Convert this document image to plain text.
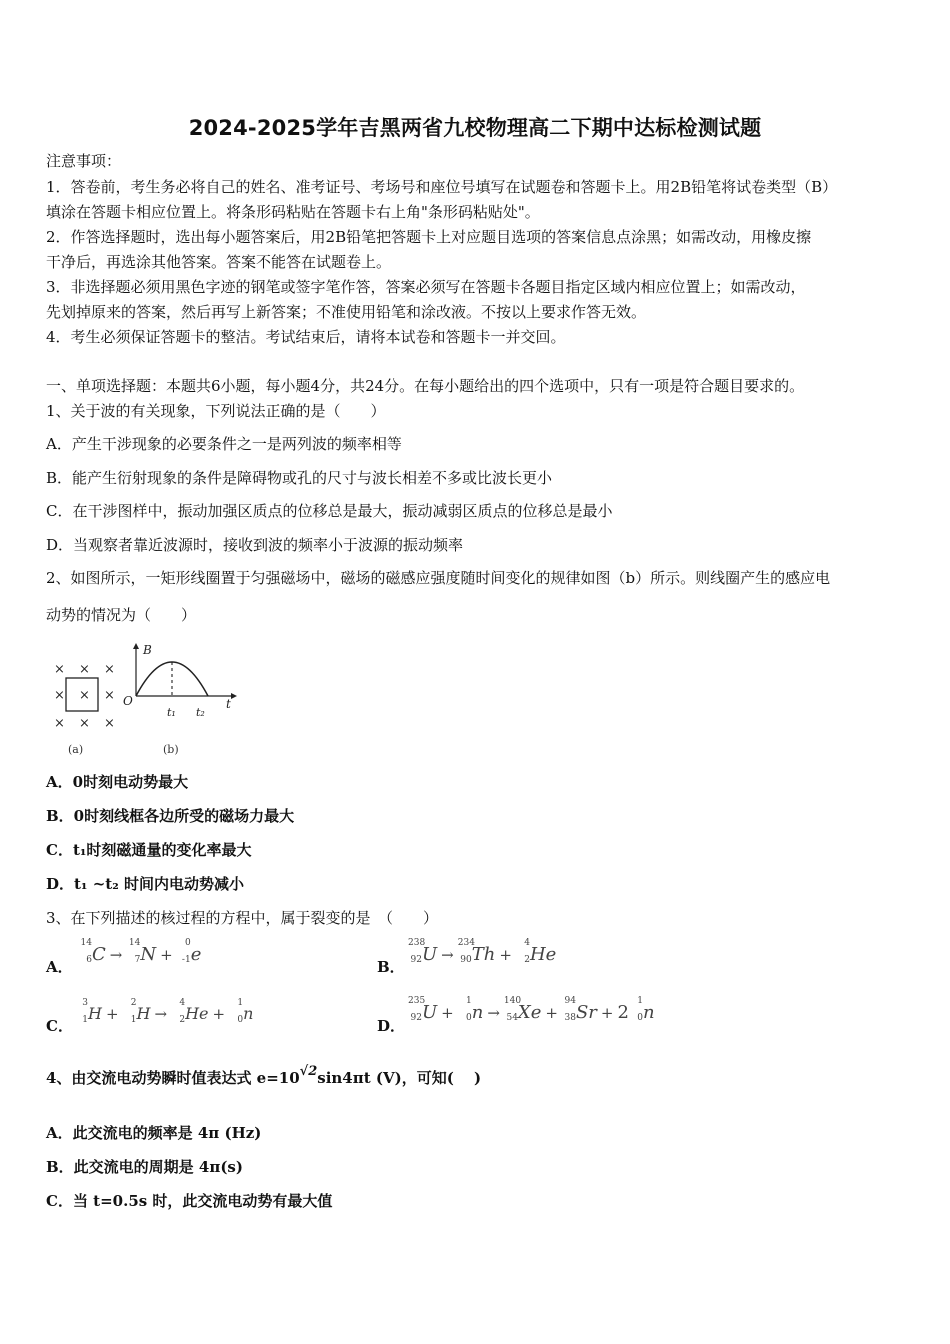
2024-2025学年吉黑两省九校物理高二下期中达标检测试题
注意事项：
1．答卷前，考生务必将自己的姓名、准考证号、考场号和座位号填写在试题卷和答题卡上。用2B铅笔将试卷类型（B）
填涂在答题卡相应位置上。将条形码粘贴在答题卡右上角"条形码粘贴处"。
2．作答选择题时，选出每小题答案后，用2B铅笔把答题卡上对应题目选项的答案信息点涂黑；如需改动，用橡皮擦
干净后，再选涂其他答案。答案不能答在试题卷上。
3．非选择题必须用黑色字迹的钢笔或签字笔作答，答案必须写在答题卡各题目指定区域内相应位置上；如需改动，
先划掉原来的答案，然后再写上新答案；不准使用铅笔和涂改液。不按以上要求作答无效。
4．考生必须保证答题卡的整洁。考试结束后，请将本试卷和答题卡一并交回。
一、单项选择题：本题共6小题，每小题4分，共24分。在每小题给出的四个选项中，只有一项是符合题目要求的。
1、关于波的有关现象，下列说法正确的是（　　）
A．产生干涉现象的必要条件之一是两列波的频率相等
B．能产生衍射现象的条件是障碍物或孔的尺寸与波长相差不多或比波长更小
C．在干涉图样中，振动加强区质点的位移总是最大，振动减弱区质点的位移总是最小
D．当观察者靠近波源时，接收到波的频率小于波源的振动频率
2、如图所示，一矩形线圈置于匀强磁场中，磁场的磁感应强度随时间变化的规律如图（b）所示。则线圈产生的感应电
动势的情况为（　　）
× × ×
× × ×
× × ×
(a)
B
t
O
t₁ t₂
(b)
A．0时刻电动势最大
B．0时刻线框各边所受的磁场力最大
C．t₁时刻磁通量的变化率最大
D．t₁ ~t₂ 时间内电动势减小
3、在下列描述的核过程的方程中，属于裂变的是　（　　）
A．
14
6 C →
14
7 N +
0
-1 e
B．
238
92 U →
234
90 Th +
4
2 He
C．
3
1 H +
2
1 H →
4
2 He +
1
0 n
D．
235
92 U +
1
0 n →
140
54 Xe +
94
38 Sr + 2
1
0 n
4、由交流电动势瞬时值表达式 e=10√2sin4πt (V)，可知(　 )
A．此交流电的频率是 4π (Hz)
B．此交流电的周期是 4π(s)
C．当 t=0.5s 时，此交流电动势有最大值
